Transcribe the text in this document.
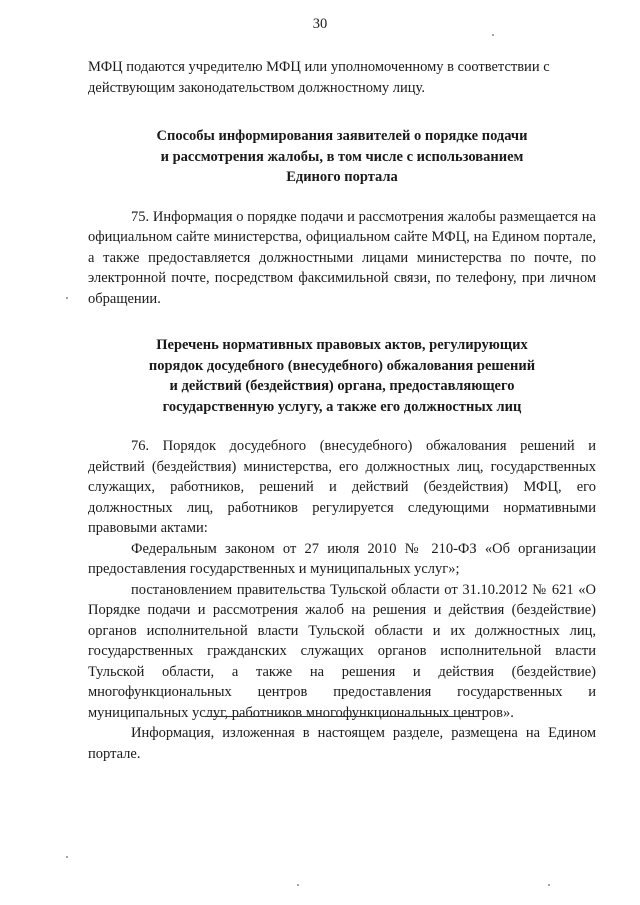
30

МФЦ подаются учредителю МФЦ или уполномоченному в соответствии с
действующим законодательством должностному лицу.

Способы информирования заявителей о порядке подачи
и рассмотрения жалобы, в том числе с использованием
Единого портала

75. Информация о порядке подачи и рассмотрения жалобы размещается на официальном сайте министерства, официальном сайте МФЦ, на Едином портале, а также предоставляется должностными лицами министерства по почте, по электронной почте, посредством факсимильной связи, по телефону, при личном обращении.

Перечень нормативных правовых актов, регулирующих
порядок досудебного (внесудебного) обжалования решений
и действий (бездействия) органа, предоставляющего
государственную услугу, а также его должностных лиц

76. Порядок досудебного (внесудебного) обжалования решений и действий (бездействия) министерства, его должностных лиц, государственных служащих, работников, решений и действий (бездействия) МФЦ, его должностных лиц, работников регулируется следующими нормативными правовыми актами:

Федеральным законом от 27 июля 2010 № 210-ФЗ «Об организации предоставления государственных и муниципальных услуг»;

постановлением правительства Тульской области от 31.10.2012 № 621 «О Порядке подачи и рассмотрения жалоб на решения и действия (бездействие) органов исполнительной власти Тульской области и их должностных лиц, государственных гражданских служащих органов исполнительной власти Тульской области, а также на решения и действия (бездействие) многофункциональных центров предоставления государственных и муниципальных услуг, работников многофункциональных центров».

Информация, изложенная в настоящем разделе, размещена на Едином портале.
